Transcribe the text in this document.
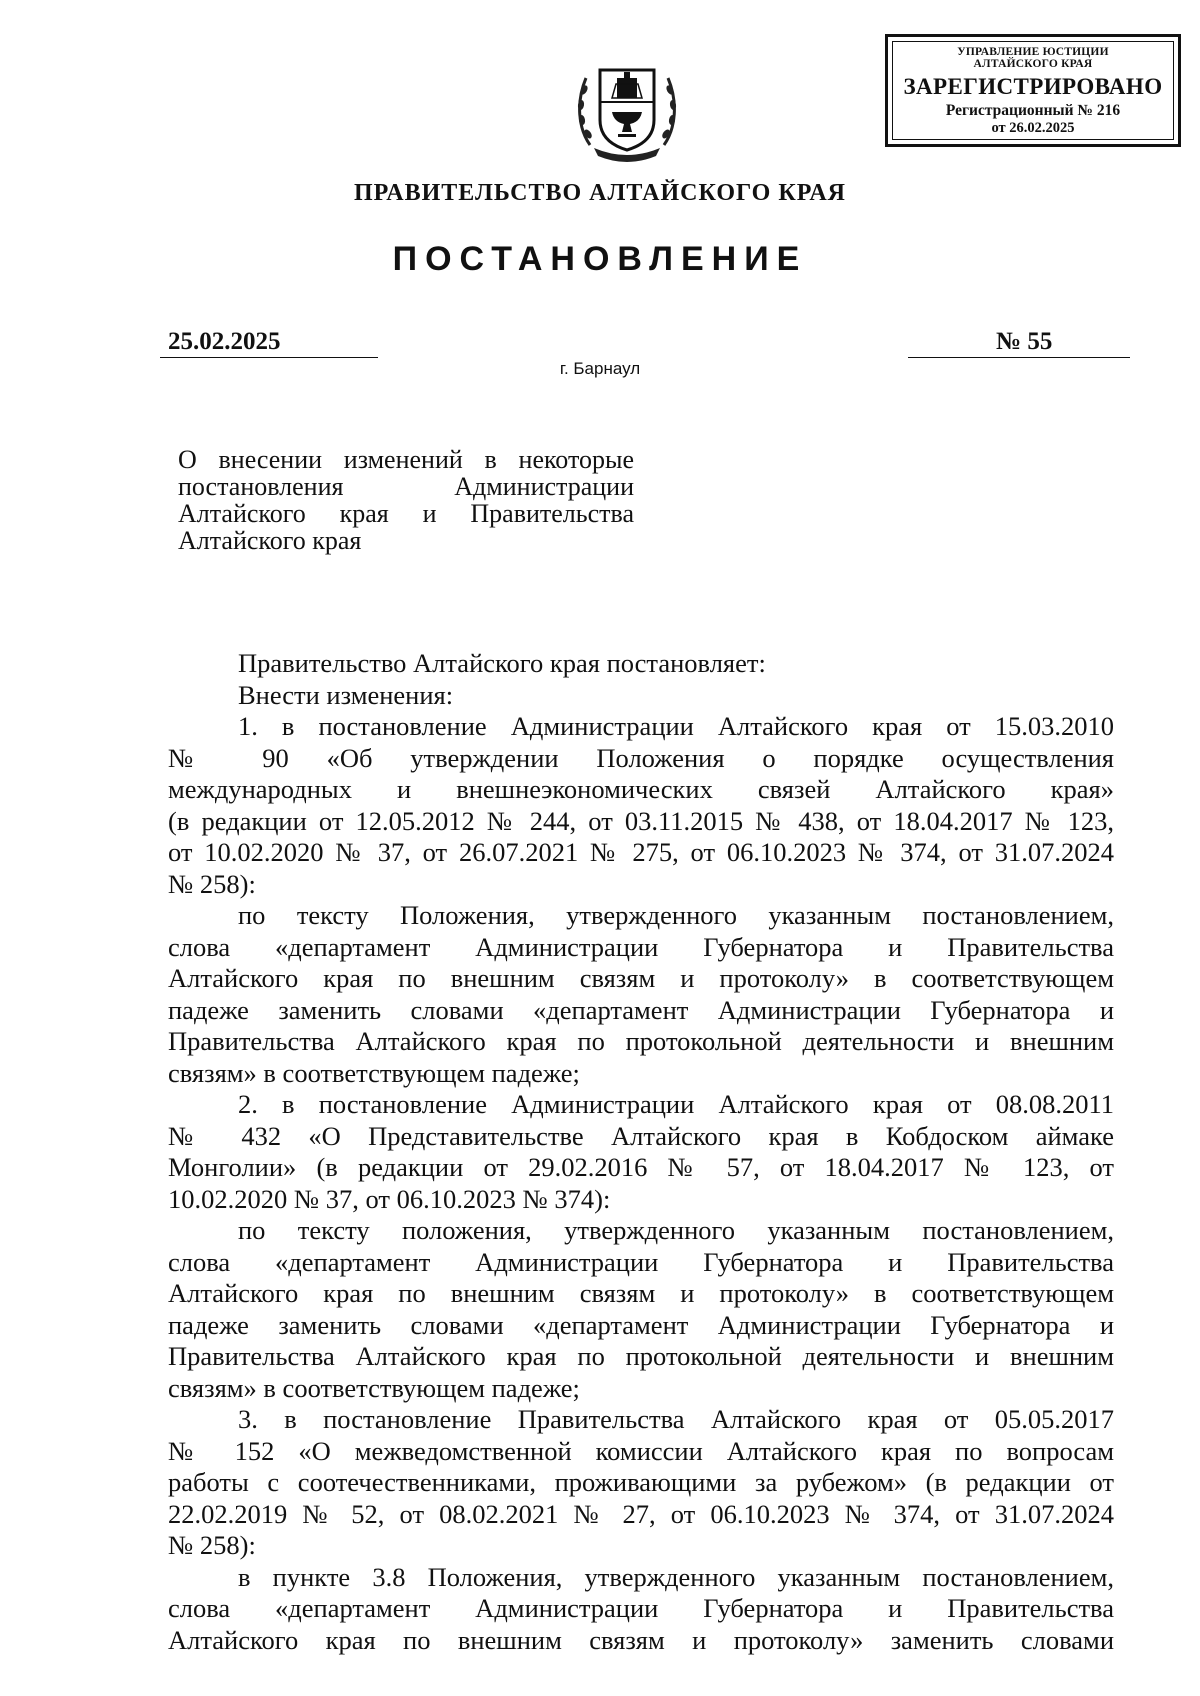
УПРАВЛЕНИЕ ЮСТИЦИИ
АЛТАЙСКОГО КРАЯ
ЗАРЕГИСТРИРОВАНО
Регистрационный № 216
от 26.02.2025
ПРАВИТЕЛЬСТВО АЛТАЙСКОГО КРАЯ
ПОСТАНОВЛЕНИЕ
25.02.2025	№ 55
г. Барнаул
О внесении изменений в некоторые
постановления Администрации
Алтайского края и Правительства
Алтайского края
Правительство Алтайского края постановляет:
Внести изменения:
1. в постановление Администрации Алтайского края от 15.03.2010
№ 90 «Об утверждении Положения о порядке осуществления
международных и внешнеэкономических связей Алтайского края»
(в редакции от 12.05.2012 № 244, от 03.11.2015 № 438, от 18.04.2017 № 123,
от 10.02.2020 № 37, от 26.07.2021 № 275, от 06.10.2023 № 374, от 31.07.2024
№ 258):
по тексту Положения, утвержденного указанным постановлением,
слова «департамент Администрации Губернатора и Правительства
Алтайского края по внешним связям и протоколу» в соответствующем
падеже заменить словами «департамент Администрации Губернатора и
Правительства Алтайского края по протокольной деятельности и внешним
связям» в соответствующем падеже;
2. в постановление Администрации Алтайского края от 08.08.2011
№ 432 «О Представительстве Алтайского края в Кобдоском аймаке
Монголии» (в редакции от 29.02.2016 № 57, от 18.04.2017 № 123, от
10.02.2020 № 37, от 06.10.2023 № 374):
по тексту положения, утвержденного указанным постановлением,
слова «департамент Администрации Губернатора и Правительства
Алтайского края по внешним связям и протоколу» в соответствующем
падеже заменить словами «департамент Администрации Губернатора и
Правительства Алтайского края по протокольной деятельности и внешним
связям» в соответствующем падеже;
3. в постановление Правительства Алтайского края от 05.05.2017
№ 152 «О межведомственной комиссии Алтайского края по вопросам
работы с соотечественниками, проживающими за рубежом» (в редакции от
22.02.2019 № 52, от 08.02.2021 № 27, от 06.10.2023 № 374, от 31.07.2024
№ 258):
в пункте 3.8 Положения, утвержденного указанным постановлением,
слова «департамент Администрации Губернатора и Правительства
Алтайского края по внешним связям и протоколу» заменить словами
